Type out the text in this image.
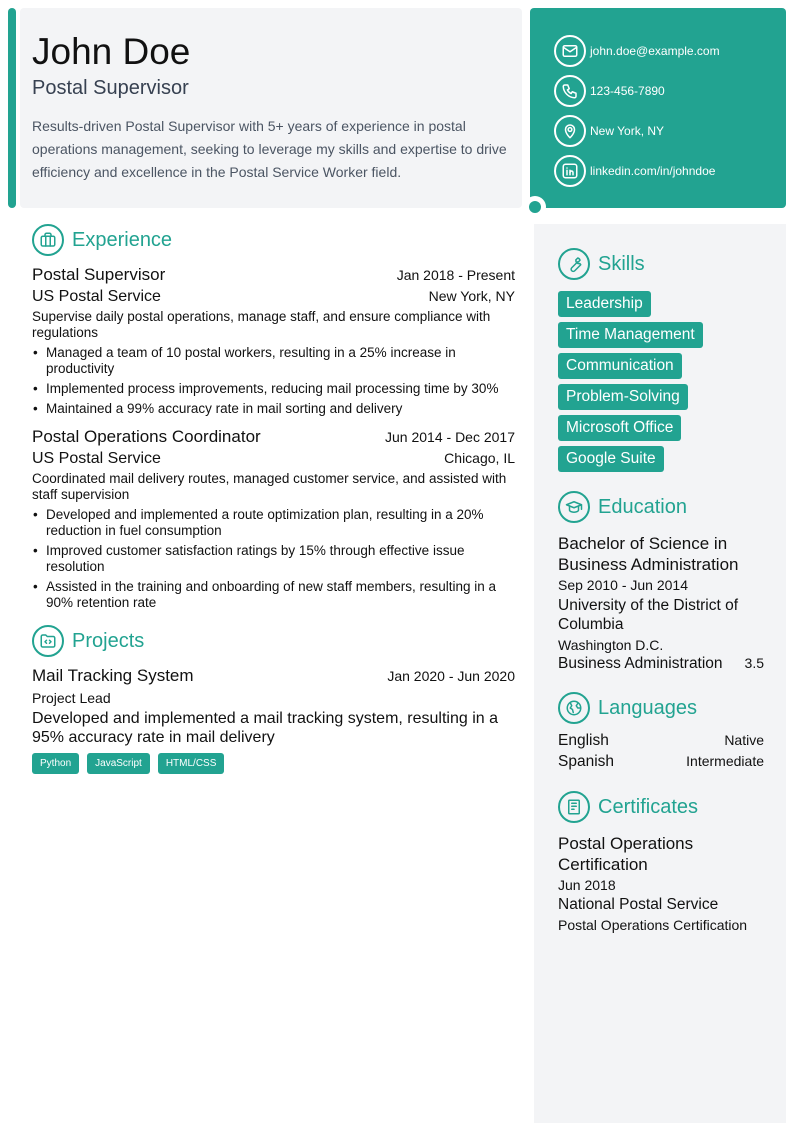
John Doe
Postal Supervisor

Results-driven Postal Supervisor with 5+ years of experience in postal operations management, seeking to leverage my skills and expertise to drive efficiency and excellence in the Postal Service Worker field.

john.doe@example.com
123-456-7890
New York, NY
linkedin.com/in/johndoe
Experience
Postal Supervisor	Jan 2018 - Present
US Postal Service	New York, NY

Supervise daily postal operations, manage staff, and ensure compliance with regulations

• Managed a team of 10 postal workers, resulting in a 25% increase in productivity
• Implemented process improvements, reducing mail processing time by 30%
• Maintained a 99% accuracy rate in mail sorting and delivery
Postal Operations Coordinator	Jun 2014 - Dec 2017
US Postal Service	Chicago, IL

Coordinated mail delivery routes, managed customer service, and assisted with staff supervision

• Developed and implemented a route optimization plan, resulting in a 20% reduction in fuel consumption
• Improved customer satisfaction ratings by 15% through effective issue resolution
• Assisted in the training and onboarding of new staff members, resulting in a 90% retention rate
Projects
Mail Tracking System	Jan 2020 - Jun 2020
Project Lead

Developed and implemented a mail tracking system, resulting in a 95% accuracy rate in mail delivery

Python	JavaScript	HTML/CSS
Skills
Leadership
Time Management
Communication
Problem-Solving
Microsoft Office
Google Suite
Education
Bachelor of Science in Business Administration
Sep 2010 - Jun 2014
University of the District of Columbia
Washington D.C.
Business Administration 3.5
Languages
English	Native
Spanish	Intermediate
Certificates
Postal Operations Certification
Jun 2018
National Postal Service
Postal Operations Certification
